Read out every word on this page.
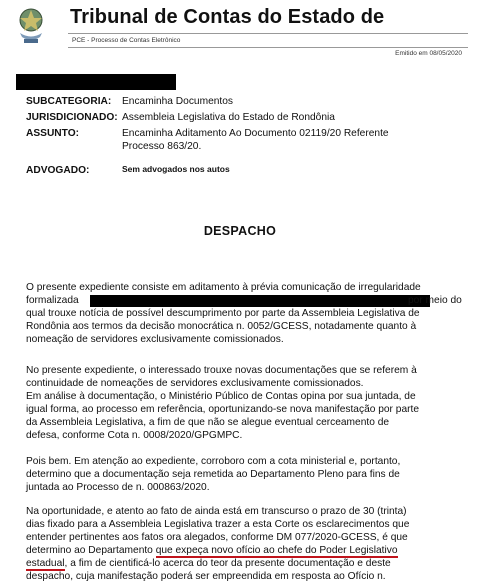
Tribunal de Contas do Estado de
PCE - Processo de Contas Eletrônico
Emitido em 08/05/2020
SUBCATEGORIA: Encaminha Documentos
JURISDICIONADO: Assembleia Legislativa do Estado de Rondônia
ASSUNTO:	Encaminha Aditamento Ao Documento 02119/20 Referente
Processo 863/20.
ADVOGADO:	Sem advogados nos autos
DESPACHO
O presente expediente consiste em aditamento à prévia comunicação de irregularidade
formalizada	por meio do
qual trouxe notícia de possível descumprimento por parte da Assembleia Legislativa de
Rondônia aos termos da decisão monocrática n. 0052/GCESS, notadamente quanto à
nomeação de servidores exclusivamente comissionados.
No presente expediente, o interessado trouxe novas documentações que se referem à
continuidade de nomeações de servidores exclusivamente comissionados.
Em análise à documentação, o Ministério Público de Contas opina por sua juntada, de
igual forma, ao processo em referência, oportunizando-se nova manifestação por parte
da Assembleia Legislativa, a fim de que não se alegue eventual cerceamento de
defesa, conforme Cota n. 0008/2020/GPGMPC.
Pois bem. Em atenção ao expediente, corroboro com a cota ministerial e, portanto,
determino que a documentação seja remetida ao Departamento Pleno para fins de
juntada ao Processo de n. 000863/2020.
Na oportunidade, e atento ao fato de ainda está em transcurso o prazo de 30 (trinta)
dias fixado para a Assembleia Legislativa trazer a esta Corte os esclarecimentos que
entender pertinentes aos fatos ora alegados, conforme DM 077/2020-GCESS, é que
determino ao Departamento que expeça novo ofício ao chefe do Poder Legislativo
estadual, a fim de cientificá-lo acerca do teor da presente documentação e deste
despacho, cuja manifestação poderá ser empreendida em resposta ao Ofício n.
